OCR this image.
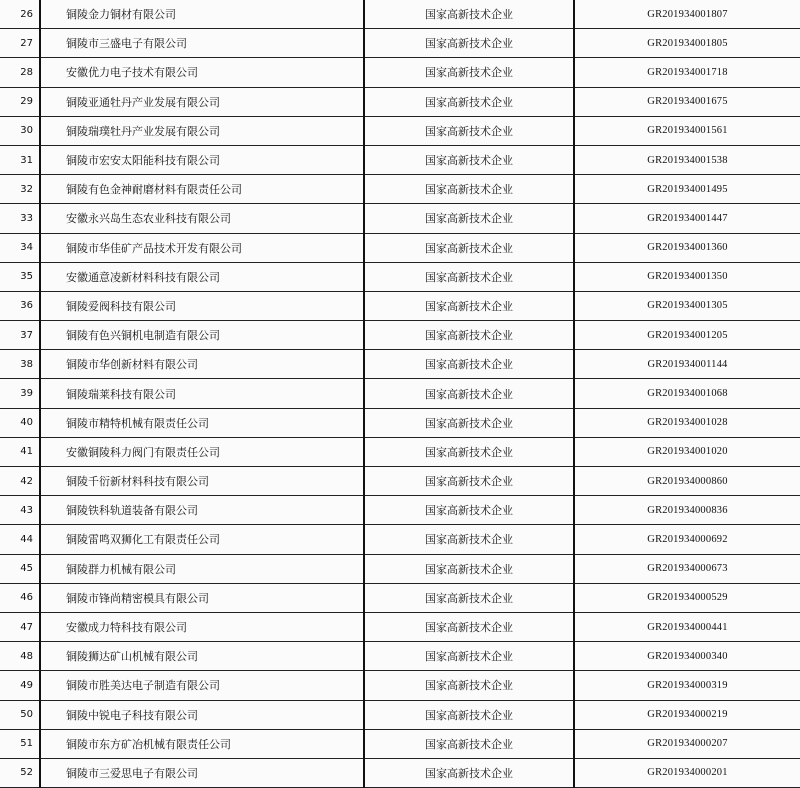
26	铜陵金力铜材有限公司	国家高新技术企业	GR201934001807
27	铜陵市三盛电子有限公司	国家高新技术企业	GR201934001805
28	安徽优力电子技术有限公司	国家高新技术企业	GR201934001718
29	铜陵亚通牡丹产业发展有限公司	国家高新技术企业	GR201934001675
30	铜陵瑞璞牡丹产业发展有限公司	国家高新技术企业	GR201934001561
31	铜陵市宏安太阳能科技有限公司	国家高新技术企业	GR201934001538
32	铜陵有色金神耐磨材料有限责任公司	国家高新技术企业	GR201934001495
33	安徽永兴岛生态农业科技有限公司	国家高新技术企业	GR201934001447
34	铜陵市华佳矿产品技术开发有限公司	国家高新技术企业	GR201934001360
35	安徽通意凌新材料科技有限公司	国家高新技术企业	GR201934001350
36	铜陵爱阀科技有限公司	国家高新技术企业	GR201934001305
37	铜陵有色兴铜机电制造有限公司	国家高新技术企业	GR201934001205
38	铜陵市华创新材料有限公司	国家高新技术企业	GR201934001144
39	铜陵瑞莱科技有限公司	国家高新技术企业	GR201934001068
40	铜陵市精特机械有限责任公司	国家高新技术企业	GR201934001028
41	安徽铜陵科力阀门有限责任公司	国家高新技术企业	GR201934001020
42	铜陵千衍新材料科技有限公司	国家高新技术企业	GR201934000860
43	铜陵铁科轨道装备有限公司	国家高新技术企业	GR201934000836
44	铜陵雷鸣双狮化工有限责任公司	国家高新技术企业	GR201934000692
45	铜陵群力机械有限公司	国家高新技术企业	GR201934000673
46	铜陵市锋尚精密模具有限公司	国家高新技术企业	GR201934000529
47	安徽成力特科技有限公司	国家高新技术企业	GR201934000441
48	铜陵狮达矿山机械有限公司	国家高新技术企业	GR201934000340
49	铜陵市胜美达电子制造有限公司	国家高新技术企业	GR201934000319
50	铜陵中锐电子科技有限公司	国家高新技术企业	GR201934000219
51	铜陵市东方矿冶机械有限责任公司	国家高新技术企业	GR201934000207
52	铜陵市三爱思电子有限公司	国家高新技术企业	GR201934000201
